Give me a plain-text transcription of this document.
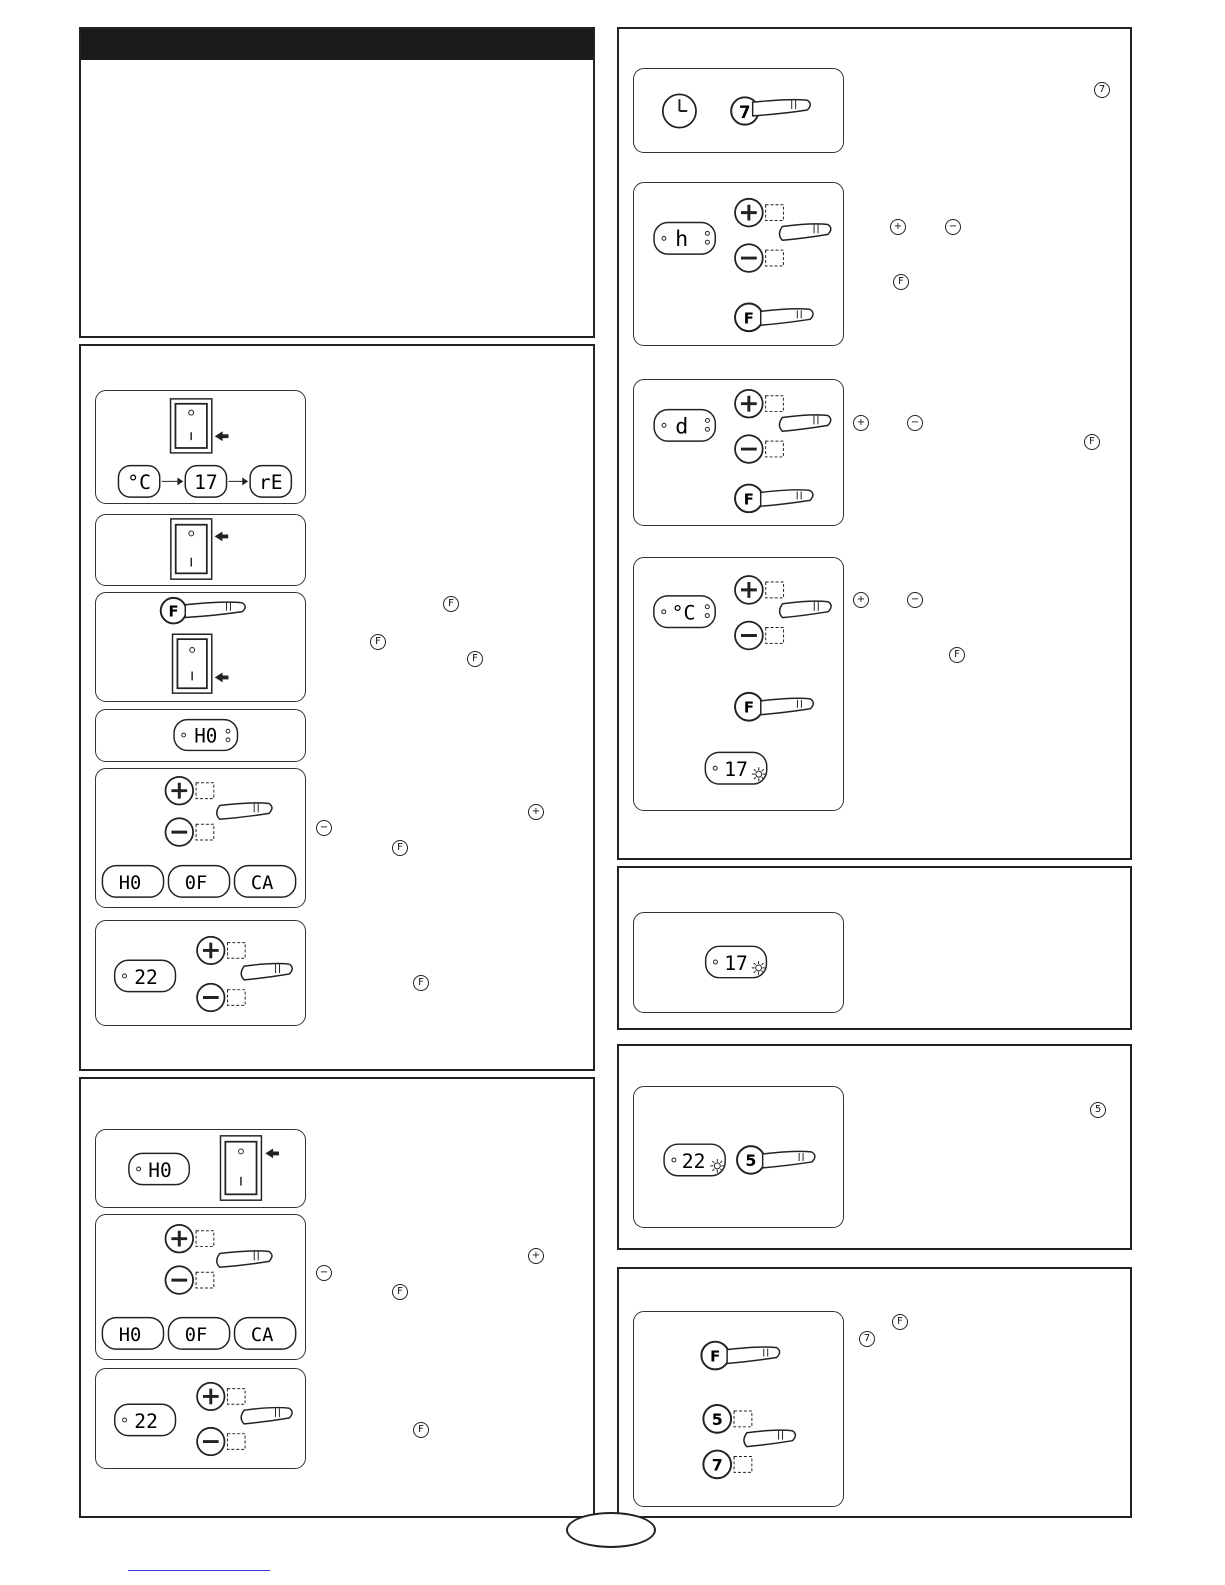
°C 17 rE
F
H0
H0 0F CA
22
F
F
F
+
−
F
F
H0
H0 0F CA
22
+
−
F
F
7
h
F
d
F
°C
F
17
7
+	−
F
+	−
F
+	−
F
17
22 5
5
F
5
7
F
7
